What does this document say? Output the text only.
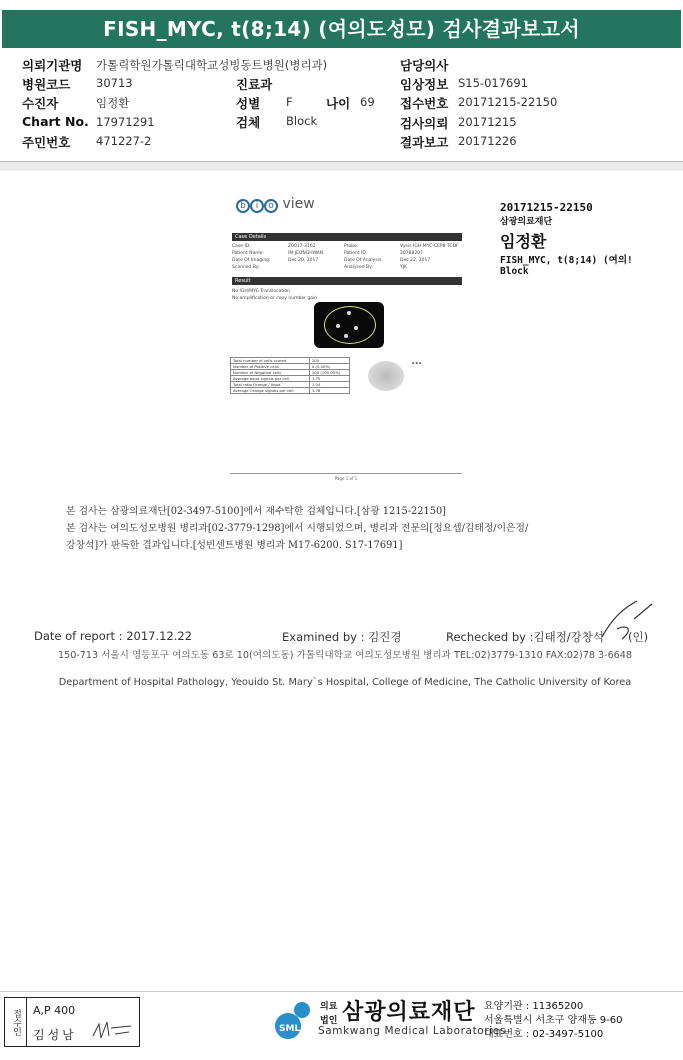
FISH_MYC, t(8;14) (여의도성모) 검사결과보고서
의뢰기관명 가톨릭학원가톨릭대학교성빙동트병원(병리과)	담당의사
병원코드 30713	진료과	임상정보 S15-017691
수진자	임정환	성별 F	나이 69 접수번호 20171215-22150
Chart No. 17971291	검체 Block	검사의뢰 20171215
주민번호 471227-2	결과보고 20171226
b i o view
Case Details
Case ID:	Z0017-3162	Probe:	Vysis IGH-MYC-CEP8 TCDF
Patient Name:	IM JEONGHWAN	Patient ID:	20788207
Date Of Imaging:	Dec 20, 2017	Date Of Analysis:	Dec 22, 2017
Scanned By:	Analysed By:	YJK
Result
No IGH/MYC Translocation
No amplification or copy number gain
Total number of cells scored	200
Number of Positive cells	0 (0.00%)
Number of Negative cells	200 (100.00%)
Average aqua signals per cell	1.75
Total ratio Orange / Aqua	1.04
Average Orange signals per cell	1.78
▪ ▪ ▪
Page 1 of 1
20171215-22150
삼광의료재단
임정환
FISH_MYC, t(8;14) (여의!
Block
본 검사는 삼광의료재단[02-3497-5100]에서 재수탁한 검체입니다.[삼광 1215-22150]
본 검사는 여의도성모병원 병리과[02-3779-1298]에서 시행되었으며, 병리과 전문의[정요셉/김태정/이은정/
강창석]가 판독한 결과입니다.[성빈센트병원 병리과 M17-6200. S17-17691]
Date of report : 2017.12.22	Examined by : 김진경	Rechecked by :김태정/강창석 (인)
150-713 서울시 영등포구 여의도동 63로 10(여의도동) 가톨릭대학교 여의도성모병원 병리과 TEL:02)3779-1310 FAX:02)78 3-6648
Department of Hospital Pathology, Yeouido St. Mary`s Hospital, College of Medicine, The Catholic University of Korea
접수인	A,P 400
김성남	SML
의료
법인 삼광의료재단
Samkwang Medical Laboratories
요양기관 : 11365200
서울특별시 서초구 양재동 9-60
대표번호 : 02-3497-5100
